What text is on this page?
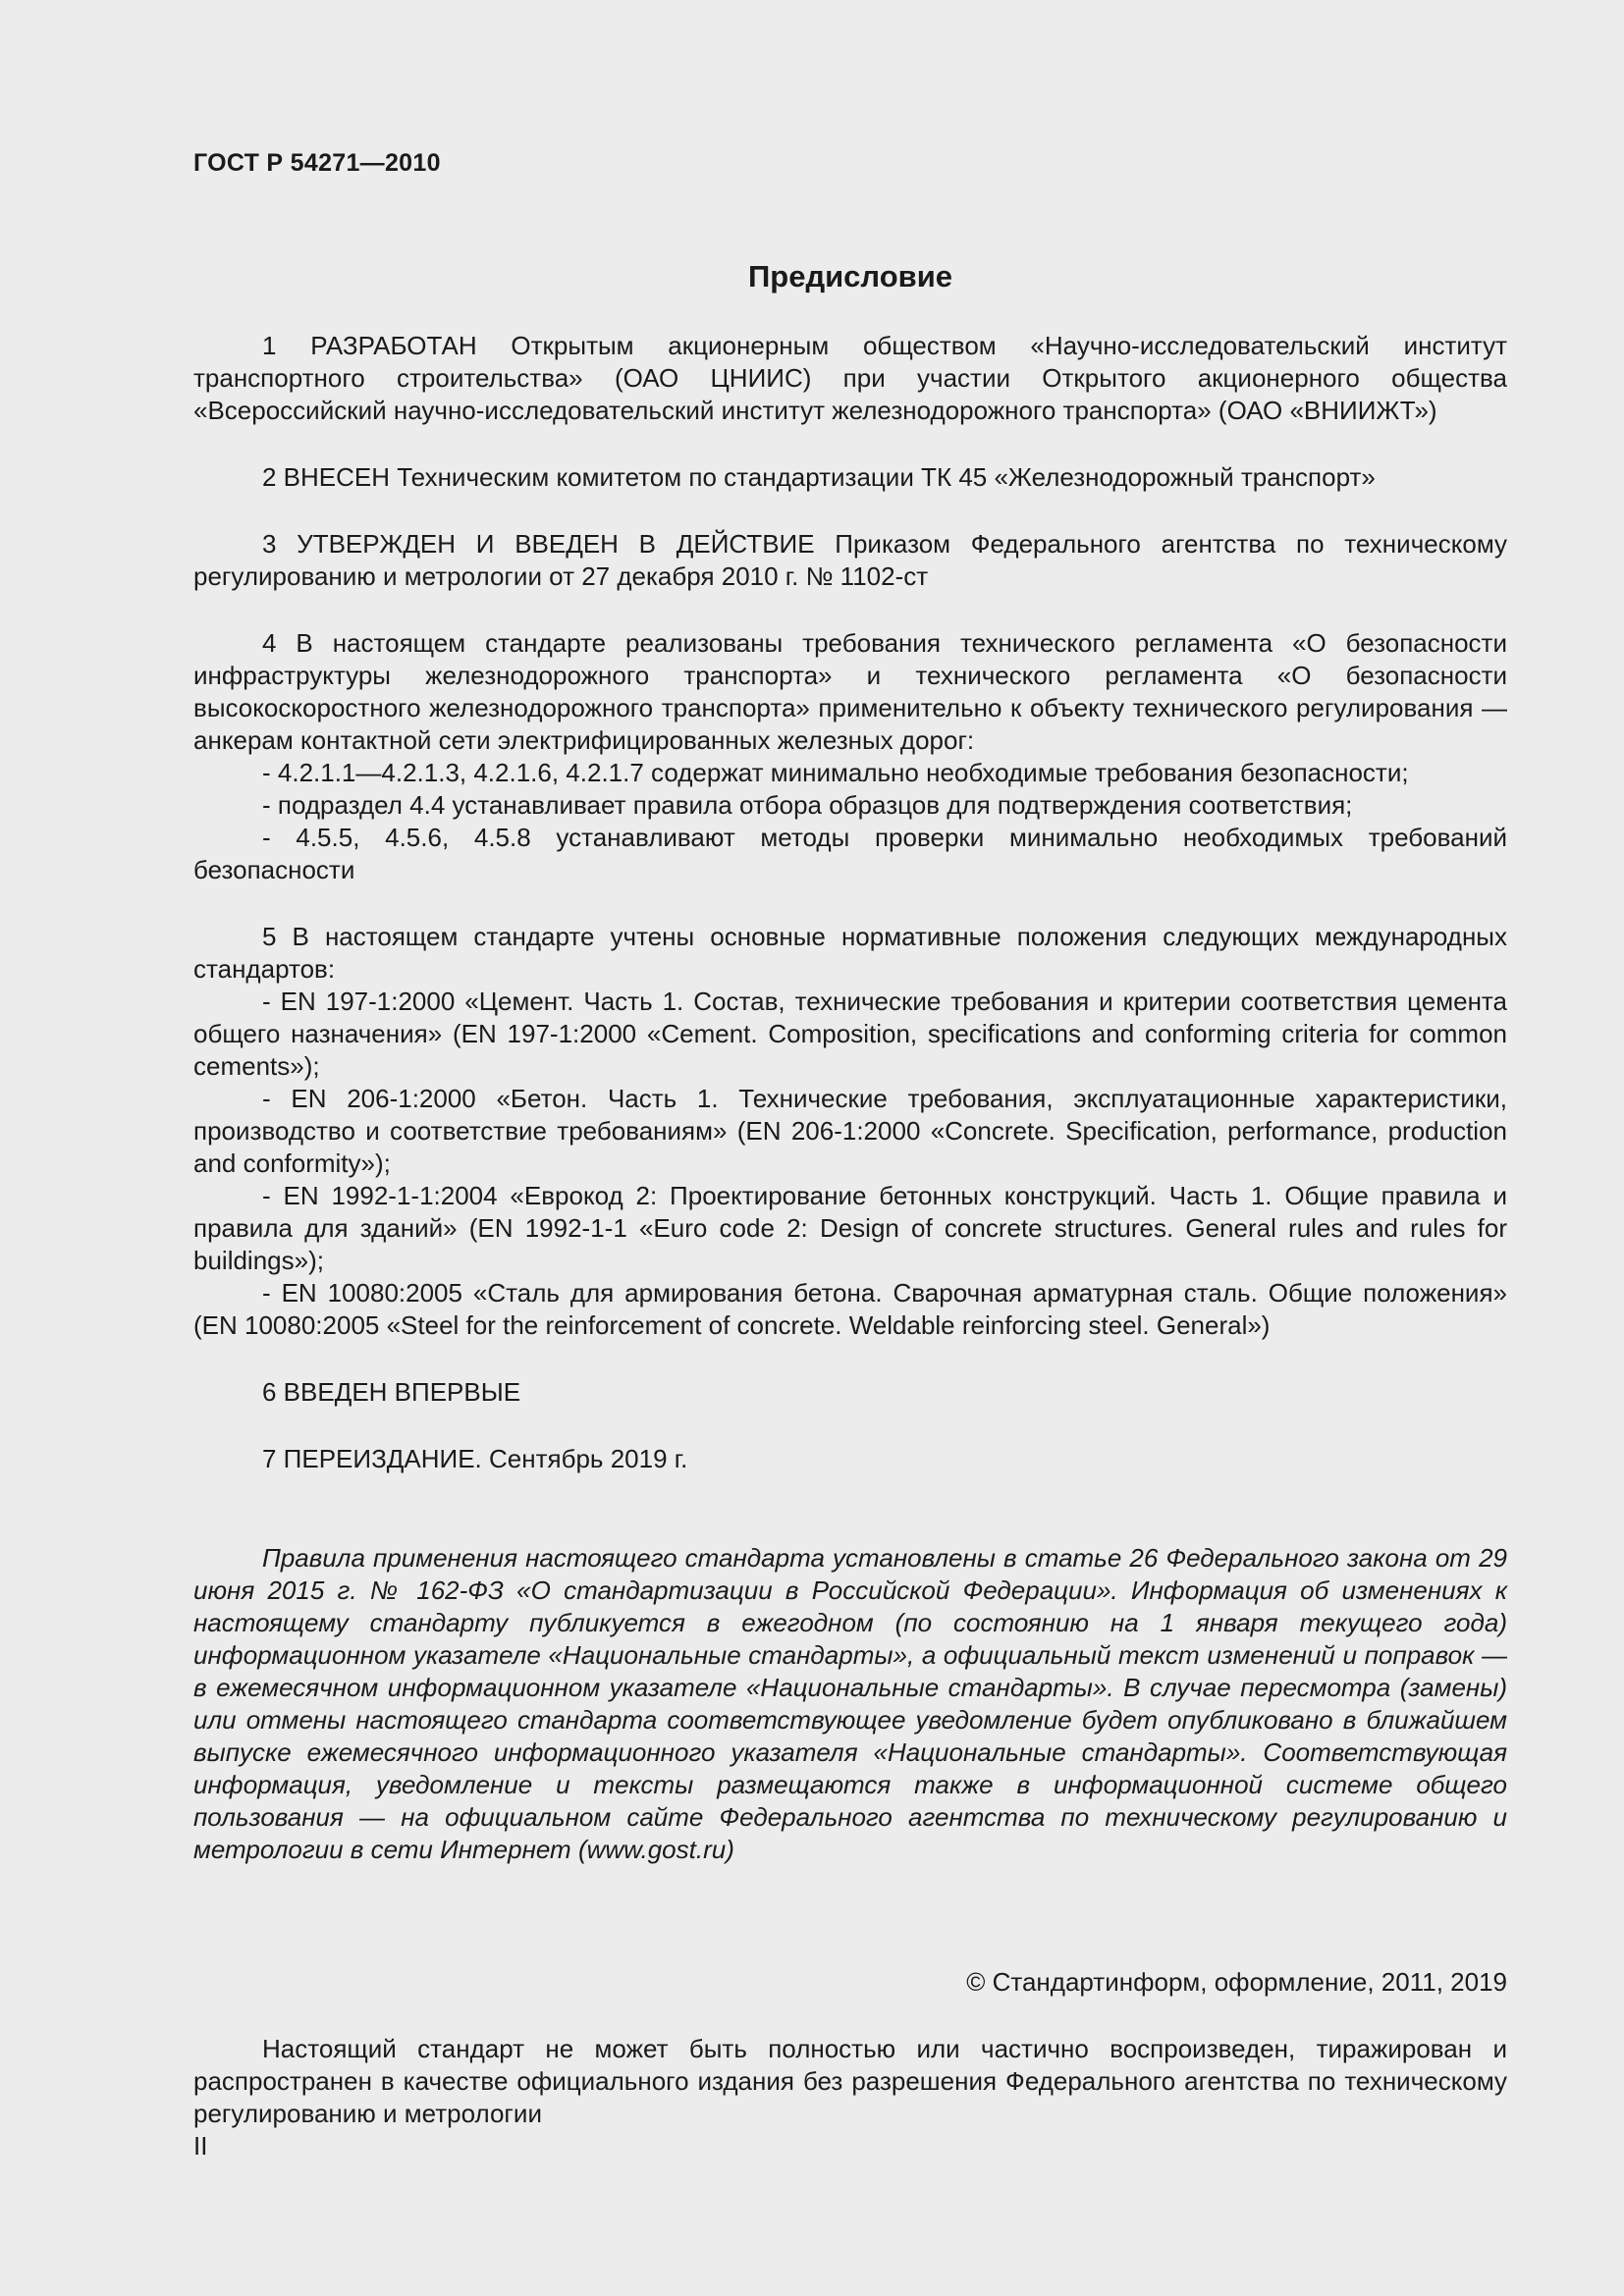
ГОСТ Р 54271—2010

Предисловие

1 РАЗРАБОТАН Открытым акционерным обществом «Научно-исследовательский институт транспортного строительства» (ОАО ЦНИИС) при участии Открытого акционерного общества «Всероссийский научно-исследовательский институт железнодорожного транспорта» (ОАО «ВНИИЖТ»)

2 ВНЕСЕН Техническим комитетом по стандартизации ТК 45 «Железнодорожный транспорт»

3 УТВЕРЖДЕН И ВВЕДЕН В ДЕЙСТВИЕ Приказом Федерального агентства по техническому регулированию и метрологии от 27 декабря 2010 г. № 1102-ст

4 В настоящем стандарте реализованы требования технического регламента «О безопасности инфраструктуры железнодорожного транспорта» и технического регламента «О безопасности высокоскоростного железнодорожного транспорта» применительно к объекту технического регулирования — анкерам контактной сети электрифицированных железных дорог:

- 4.2.1.1—4.2.1.3, 4.2.1.6, 4.2.1.7 содержат минимально необходимые требования безопасности;

- подраздел 4.4 устанавливает правила отбора образцов для подтверждения соответствия;

- 4.5.5, 4.5.6, 4.5.8 устанавливают методы проверки минимально необходимых требований безопасности

5 В настоящем стандарте учтены основные нормативные положения следующих международных стандартов:

- EN 197-1:2000 «Цемент. Часть 1. Состав, технические требования и критерии соответствия цемента общего назначения» (EN 197-1:2000 «Cement. Composition, specifications and conforming criteria for common cements»);

- EN 206-1:2000 «Бетон. Часть 1. Технические требования, эксплуатационные характеристики, производство и соответствие требованиям» (EN 206-1:2000 «Concrete. Specification, performance, production and conformity»);

- EN 1992-1-1:2004 «Еврокод 2: Проектирование бетонных конструкций. Часть 1. Общие правила и правила для зданий» (EN 1992-1-1 «Euro code 2: Design of concrete structures. General rules and rules for buildings»);

- EN 10080:2005 «Сталь для армирования бетона. Сварочная арматурная сталь. Общие положения» (EN 10080:2005 «Steel for the reinforcement of concrete. Weldable reinforcing steel. General»)

6 ВВЕДЕН ВПЕРВЫЕ

7 ПЕРЕИЗДАНИЕ. Сентябрь 2019 г.

Правила применения настоящего стандарта установлены в статье 26 Федерального закона от 29 июня 2015 г. № 162-ФЗ «О стандартизации в Российской Федерации». Информация об изменениях к настоящему стандарту публикуется в ежегодном (по состоянию на 1 января текущего года) информационном указателе «Национальные стандарты», а официальный текст изменений и поправок — в ежемесячном информационном указателе «Национальные стандарты». В случае пересмотра (замены) или отмены настоящего стандарта соответствующее уведомление будет опубликовано в ближайшем выпуске ежемесячного информационного указателя «Национальные стандарты». Соответствующая информация, уведомление и тексты размещаются также в информационной системе общего пользования — на официальном сайте Федерального агентства по техническому регулированию и метрологии в сети Интернет (www.gost.ru)

© Стандартинформ, оформление, 2011, 2019

Настоящий стандарт не может быть полностью или частично воспроизведен, тиражирован и распространен в качестве официального издания без разрешения Федерального агентства по техническому регулированию и метрологии

II
